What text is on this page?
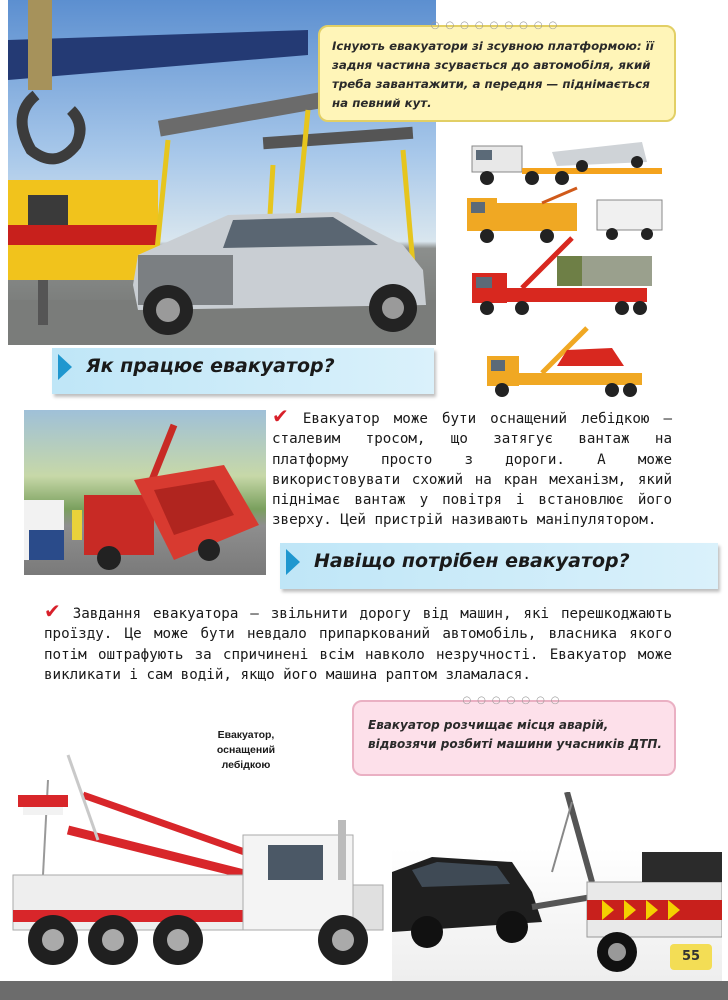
○○○○○○○○○
Існують евакуатори зі зсувною платформою: її задня частина зсувається до автомобіля, який треба завантажити, а передня — піднімається на певний кут.
Як працює евакуатор?
✔ Евакуатор може бути оснащений лебідкою — сталевим тросом, що затягує вантаж на платформу просто з дороги. А може використовувати схожий на кран механізм, який піднімає вантаж у повітря і встановлює його зверху. Цей пристрій називають маніпулятором.
Навіщо потрібен евакуатор?
✔ Завдання евакуатора — звільнити дорогу від машин, які перешкоджають проїзду. Це може бути невдало припаркований автомобіль, власника якого потім оштрафують за спричинені всім навколо незручності. Евакуатор може викликати і сам водій, якщо його машина раптом зламалася.
○○○○○○○
Евакуатор розчищає місця аварій, відвозячи розбиті машини учасників ДТП.
Евакуатор, оснащений лебідкою
55
